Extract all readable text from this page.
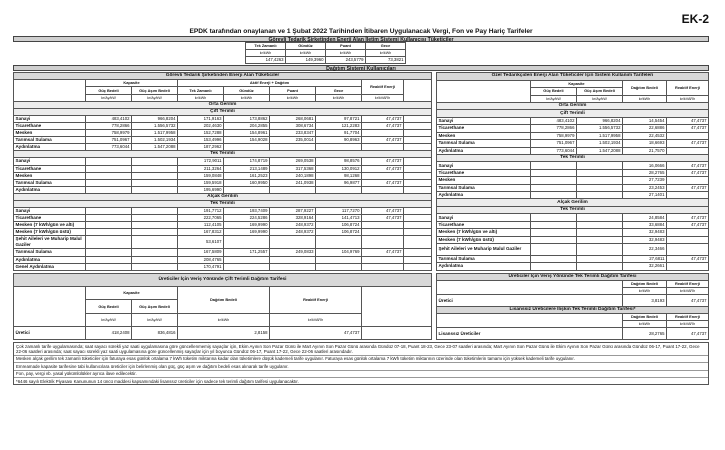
EK-2
EPDK tarafından onaylanan ve 1 Şubat 2022 Tarihinden İtibaren Uygulanacak Vergi, Fon ve Pay Hariç Tarifeler
Görevli Tedarik Şirketinden Enerji Alan İletim Sistemi Kullanıcısı Tüketiciler
Tek Zamanlı	Gündüz	Puant	Gece
kr/kWh	kr/kWh	kr/kWh	kr/kWh
147,4263	149,3960	243,5779	73,3821
Dağıtım Sistemi Kullanıcıları
Görevli Tedarik Şirketinden Enerji Alan Tüketiciler								
	Kapasite		Aktif Enerji + Dağıtım				Reaktif Enerji	
	Güç Bedeli	Güç Aşım Bedeli	Tek Zamanlı	Gündüz	Puant	Gece		
	kr/Ay/kW	kr/Ay/kW	kr/kWh	kr/kWh	kr/kWh	kr/kWh	kr/kVARh	
Orta Gerilim								
Çift Terimli								
Sanayi	483,4102	966,8204	171,9163	173,8862	268,0681	97,8721	47,4737	
Ticarethane	778,2866	1.556,5732	202,4630	204,2855	308,6734	121,2283	47,4737	
Mesken	758,9979	1.517,9958	152,7288	154,8961	233,8347	91,7704		
Tarımsal Sulama	751,0967	1.502,1934	153,4996	154,9028	235,0014	90,8963	47,4737	
Aydınlatma	773,6044	1.547,2088	187,2962					
Tek Terimli								
Sanayi			172,9011	174,8719	269,0538	98,8576	47,4737	
Ticarethane			211,3264	213,1489	317,5368	130,0912	47,4737	
Mesken			159,0848	161,2523	240,1898	98,1268		
Tarımsal Sulama			159,5918	160,9950	241,0938	96,9877	47,4737	
Aydınlatma			195,6990					
Alçak Gerilim								
Tek Terimli								
Sanayi			191,7712	193,7409	287,9227	117,7270	47,4737	
Ticarethane			222,7065	224,5286	328,9164	141,4713	47,4737	
Mesken (7 kWh/gün ve altı)			112,4105	169,9990	248,9372	106,8724		
Mesken (7 kWh/gün üstü)			167,8312	169,9990	248,9372	106,8724		
Şehit Aileleri ve Muharip Malul Gaziler			53,6107					
Tarımsal Sulama			167,5809	171,2557	249,0833	104,9769	47,4737	
Aydınlatma			208,4765					
Genel Aydınlatma			170,4791					
Özel Tedarikçiden Enerji Alan Tüketiciler İçin Sistem Kullanım Tarifeleri				
	Kapasite		Dağıtım Bedeli	Reaktif Enerji
	Güç Bedeli	Güç Aşım Bedeli		
	kr/Ay/kW	kr/Ay/kW	kr/kWh	kr/kVARh
Orta Gerilim				
Çift Terimli				
Sanayi	483,4102	966,8204	14,5454	47,4737
Ticarethane	778,2866	1.556,5732	22,6886	47,4737
Mesken	758,9979	1.517,9958	22,4532	
Tarımsal Sulama	751,0967	1.502,1934	18,6693	47,4737
Aydınlatma	773,6044	1.547,2088	21,7570	
Tek Terimli				
Sanayi			16,0666	47,4737
Ticarethane			28,2765	47,4737
Mesken			27,7239	
Tarımsal Sulama			23,2453	47,4737
Aydınlatma			27,1401	
Alçak Gerilim				
Tek Terimli				
Sanayi			24,8584	47,4737
Ticarethane			33,6884	47,4737
Mesken (7 kWh/gün ve altı)			32,9483	
Mesken (7 kWh/gün üstü)			32,9483	
Şehit Aileleri ve Muharip Malul Gaziler			22,3466	
Tarımsal Sulama			27,6811	47,4737
Aydınlatma			32,2661	
Üreticiler İçin Veriş Yönünde Çift Terimli Dağıtım Tarifesi					
	Kapasite		Dağıtım Bedeli	Reaktif Enerji	
	Güç Bedeli	Güç Aşım Bedeli			
	kr/Ay/kW	kr/Ay/kW	kr/kWh	kr/kVARh	
Üretici	418,2408	836,4816	2,8158	47,4737	
Üreticiler İçin Veriş Yönünde Tek Terimli Dağıtım Tarifesi		
	Dağıtım Bedeli	Reaktif Enerji
	kr/kWh	kr/kVARh
Üretici	3,8193	47,4737
Lisanssız Üreticilere İlişkin Tek Terimli Dağıtım Tarifesi*		
	Dağıtım Bedeli	Reaktif Enerji
	kr/kWh	kr/kVARh
Lisanssız Üreticiler	28,2765	47,4737
Çok zamanlı tarife uygulamasında; saat sayacı sürekli yaz saati uygulamasına göre güncellenmemiş sayaçlar için, Ekim Ayının Son Pazar Günü ile Mart Ayının Son Pazar Günü arasında Gündüz 07-18, Puant 18-23, Gece 23-07 saatleri arasında; Mart Ayının Son Pazar Günü ile Ekim Ayının Son Pazar Günü arasında Gündüz 06-17, Puant 17-22, Gece 22-06 saatleri arasında; saat sayacı sürekli yaz saati uygulamasına göre güncellenmiş sayaçlar için yıl boyunca Gündüz 06-17, Puant 17-22, Gece 22-06 saatleri arasındadır.
Mesken alçak gerilim tek zamanlı tüketiciler için faturaya esas günlük ortalama 7 kWh tüketim miktarına kadar olan tüketimlere düşük kademeli tarife uygulanır. Faturaya esas günlük ortalama 7 kWh tüketim miktarının üzerinde olan tüketimlerin tamamı için yüksek kademeli tarife uygulanır.
Emreamade kapasite tarifesine tabi kullanıcılara üreticiler için belirlenmiş olan güç, güç aşım ve dağıtım bedeli esas alınarak tarife uygulanır.
Fon, pay, vergi vb. yasal yükümlülükler ayrıca ilave edilecektir.
*6446 sayılı Elektrik Piyasası Kanununun 14 üncü maddesi kapsamındaki lisanssız üreticiler için sadece tek terimli dağıtım tarifesi uygulanacaktır.
